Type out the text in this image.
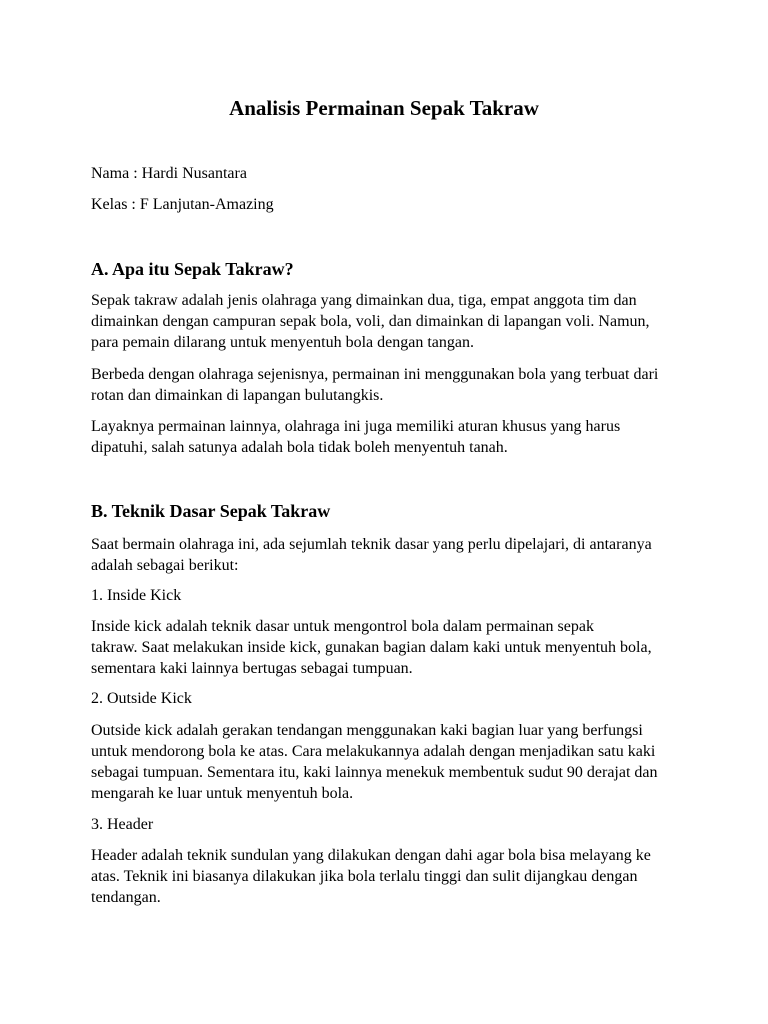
Analisis Permainan Sepak Takraw

Nama : Hardi Nusantara

Kelas : F Lanjutan-Amazing

A. Apa itu Sepak Takraw?

Sepak takraw adalah jenis olahraga yang dimainkan dua, tiga, empat anggota tim dan
dimainkan dengan campuran sepak bola, voli, dan dimainkan di lapangan voli. Namun,
para pemain dilarang untuk menyentuh bola dengan tangan.

Berbeda dengan olahraga sejenisnya, permainan ini menggunakan bola yang terbuat dari
rotan dan dimainkan di lapangan bulutangkis.

Layaknya permainan lainnya, olahraga ini juga memiliki aturan khusus yang harus
dipatuhi, salah satunya adalah bola tidak boleh menyentuh tanah.

B. Teknik Dasar Sepak Takraw

Saat bermain olahraga ini, ada sejumlah teknik dasar yang perlu dipelajari, di antaranya
adalah sebagai berikut:

1. Inside Kick

Inside kick adalah teknik dasar untuk mengontrol bola dalam permainan sepak
takraw. Saat melakukan inside kick, gunakan bagian dalam kaki untuk menyentuh bola,
sementara kaki lainnya bertugas sebagai tumpuan.

2. Outside Kick

Outside kick adalah gerakan tendangan menggunakan kaki bagian luar yang berfungsi
untuk mendorong bola ke atas. Cara melakukannya adalah dengan menjadikan satu kaki
sebagai tumpuan. Sementara itu, kaki lainnya menekuk membentuk sudut 90 derajat dan
mengarah ke luar untuk menyentuh bola.

3. Header

Header adalah teknik sundulan yang dilakukan dengan dahi agar bola bisa melayang ke
atas. Teknik ini biasanya dilakukan jika bola terlalu tinggi dan sulit dijangkau dengan
tendangan.
